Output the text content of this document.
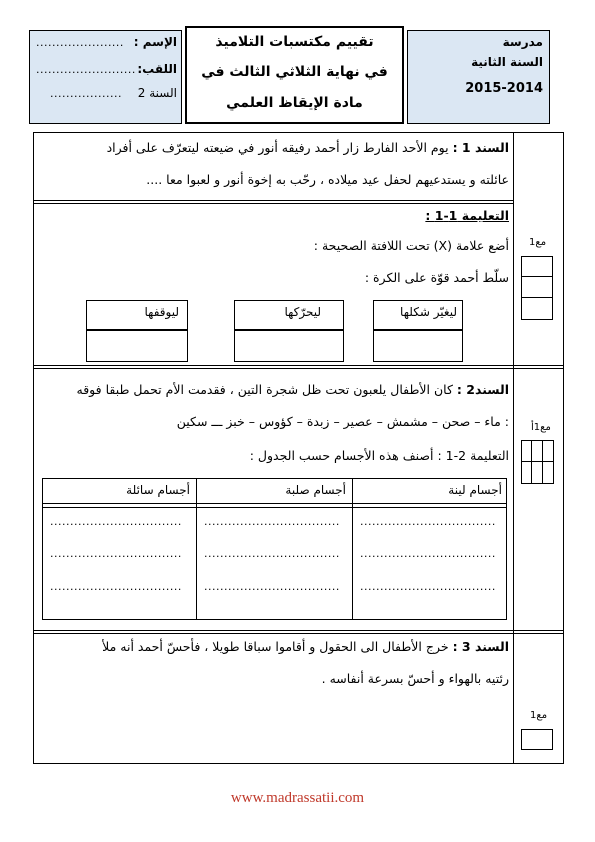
مدرسة
السنة الثانية
2015-2014
تقييم مكتسبات التلاميذ
في نهاية الثلاثي الثالث في
مادة الإيقاظ العلمي
الإسم :
......................
اللقب:
.........................
السنة 2
..................
السند 1 : يوم الأحد الفارط زار أحمد رفيقه أنور في ضيعته ليتعرّف على أفراد
عائلته و يستدعيهم لحفل عيد ميلاده ، رحّب به إخوة أنور و لعبوا معا ....
التعليمة 1-1 :
أضع علامة (X) تحت اللافتة الصحيحة :
سلّط أحمد قوّة على الكرة :
ليغيّر شكلها
ليحرّكها
ليوقفها
مع1
السند2 : كان الأطفال يلعبون تحت ظل شجرة التين ، فقدمت الأم تحمل طبقا فوقه
: ماء – صحن – مشمش – عصير – زبدة – كؤوس – خبز ـــ سكين
التعليمة 2-1 : أصنف هذه الأجسام حسب الجدول :
أجسام لينة
أجسام صلبة
أجسام سائلة
..................................
..................................
.................................
..................................
..................................
.................................
..................................
..................................
.................................
مع1أ
السند 3 : خرج الأطفال الى الحقول و أقاموا سباقا طويلا ، فأحسّ أحمد أنه ملأ
رئتيه بالهواء و أحسّ بسرعة أنفاسه .
مع1
www.madrassatii.com
